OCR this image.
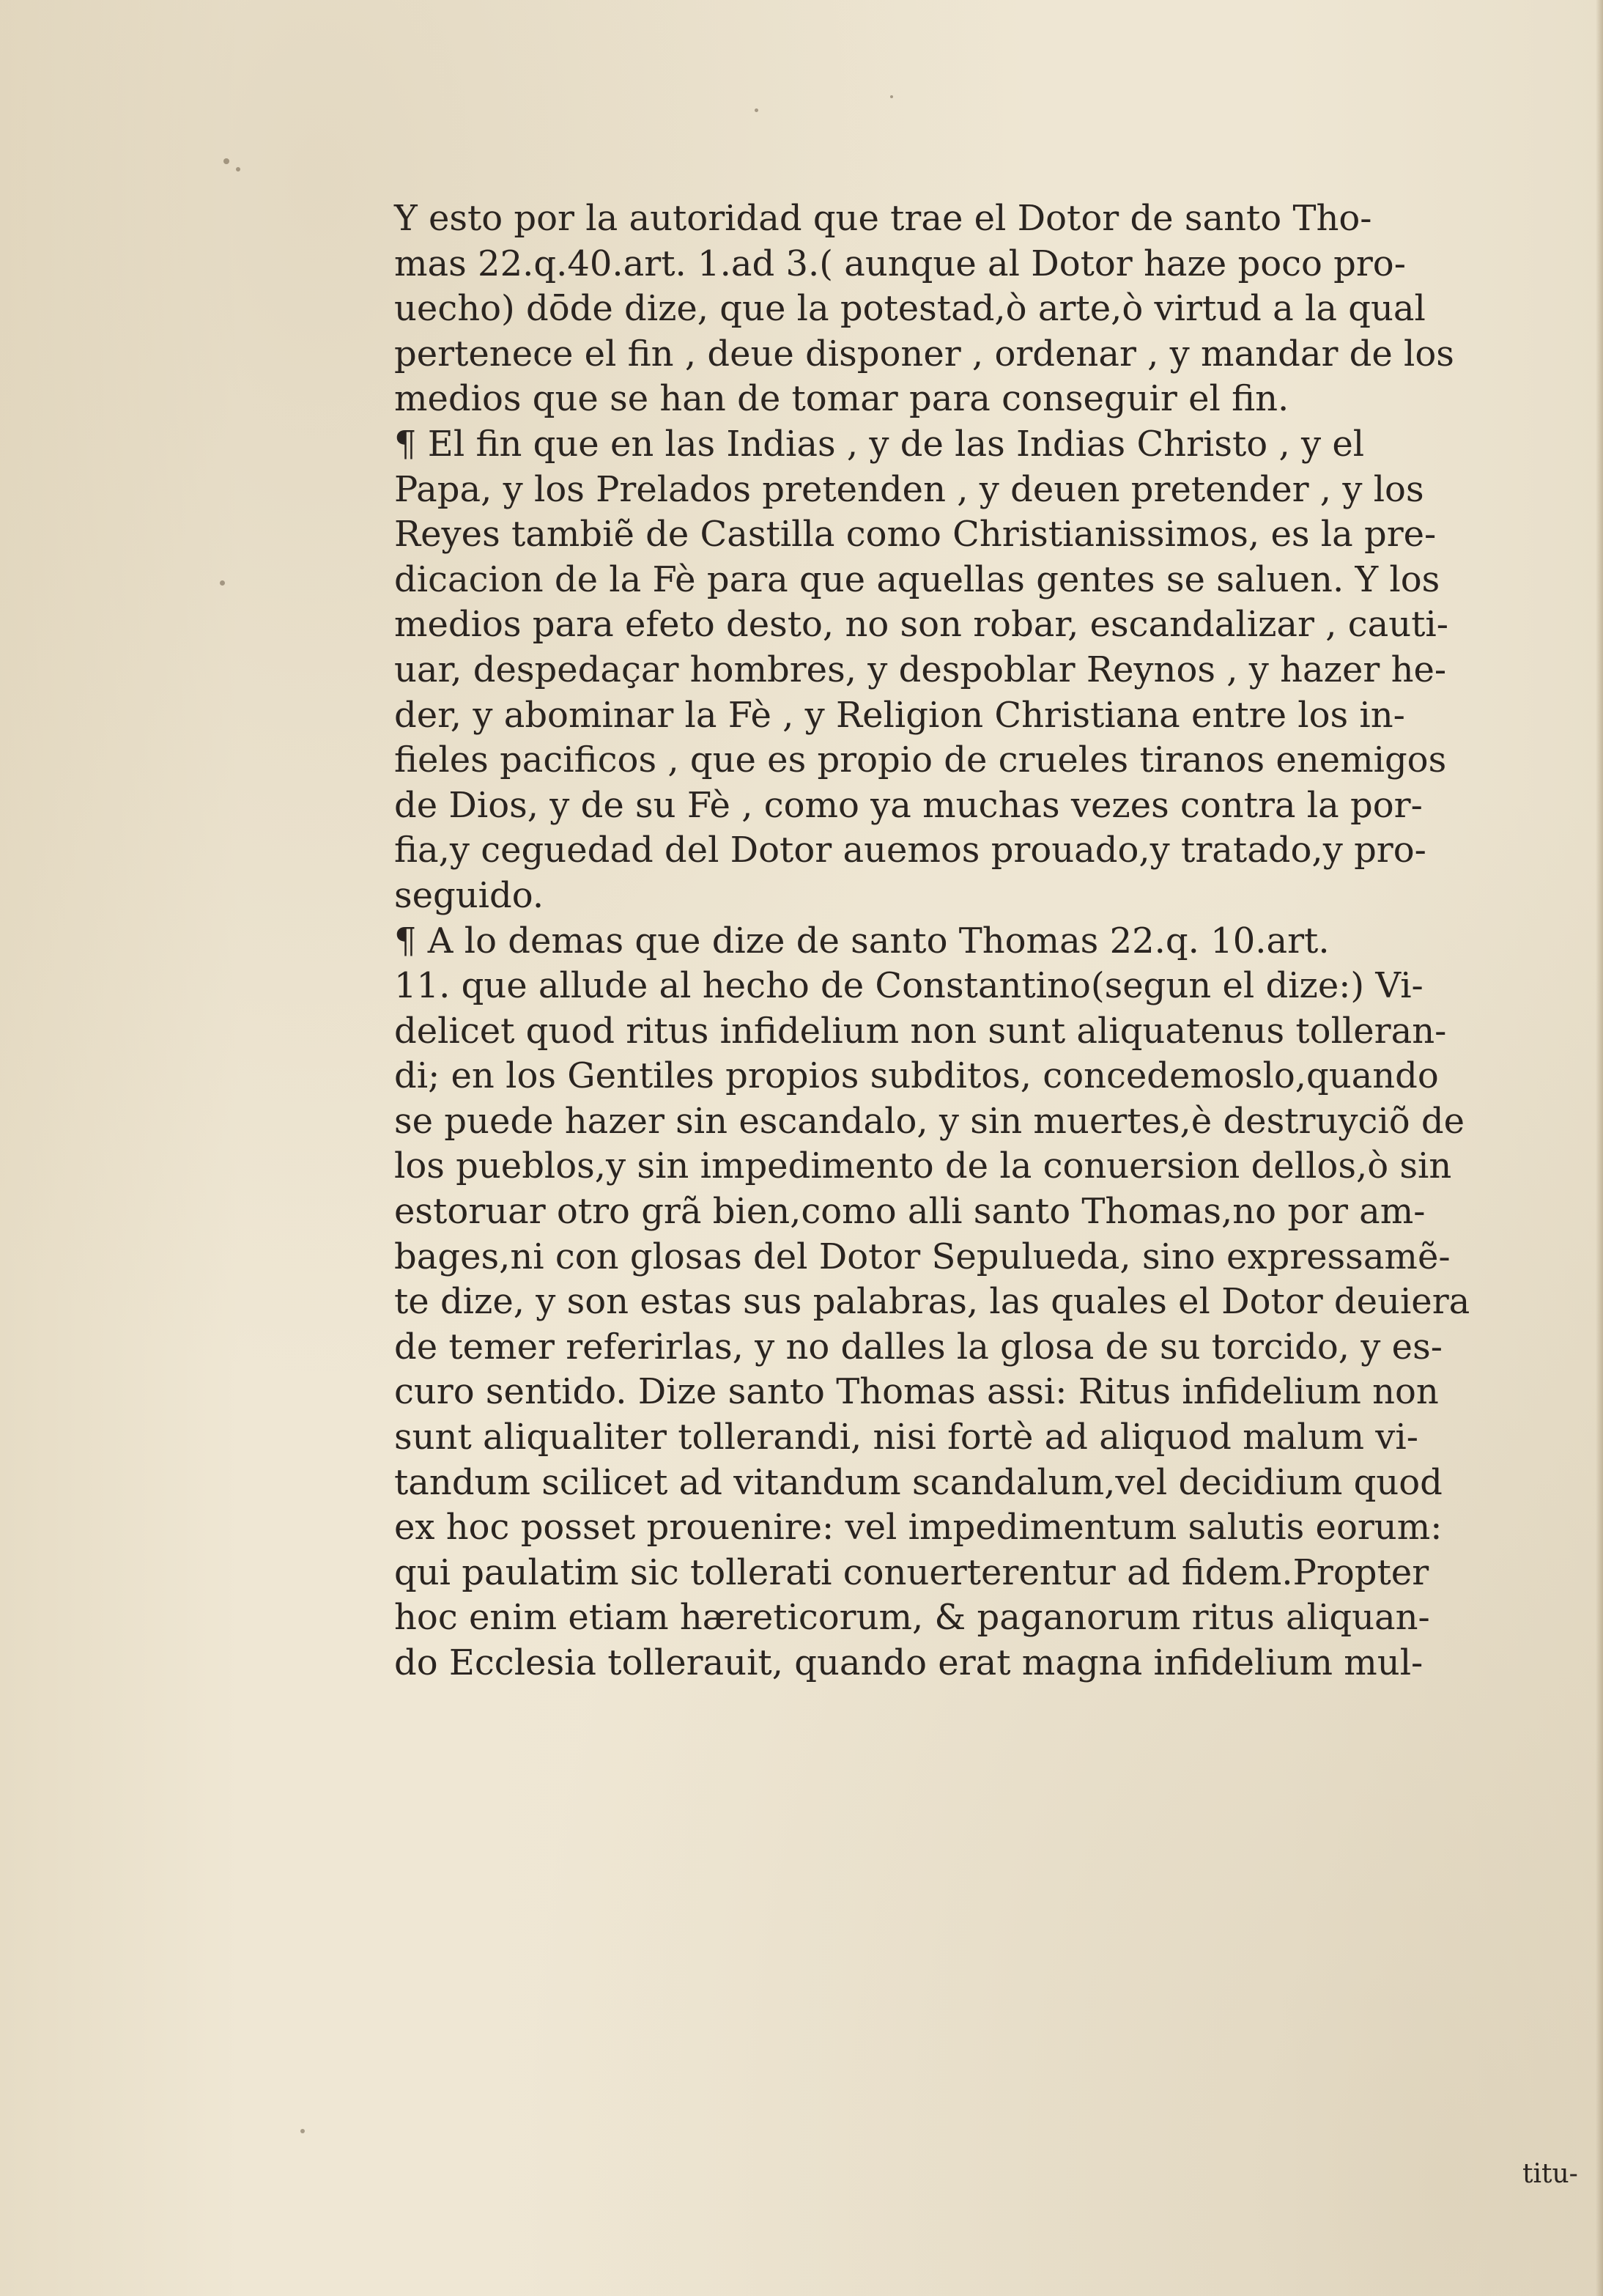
Y esto por la autoridad que trae el Dotor de santo Tho-
mas 22.q.40.art. 1.ad 3.( aunque al Dotor haze poco pro-
uecho) dōde dize, que la potestad,ò arte,ò virtud a la qual
pertenece el fin , deue disponer , ordenar , y mandar de los
medios que se han de tomar para conseguir el fin.
¶ El fin que en las Indias , y de las Indias Christo , y el
Papa, y los Prelados pretenden , y deuen pretender , y los
Reyes tambiẽ de Castilla como Christianissimos, es la pre-
dicacion de la Fè para que aquellas gentes se saluen. Y los
medios para efeto desto, no son robar, escandalizar , cauti-
uar, despedaçar hombres, y despoblar Reynos , y hazer he-
der, y abominar la Fè , y Religion Christiana entre los in-
fieles pacificos , que es propio de crueles tiranos enemigos
de Dios, y de su Fè , como ya muchas vezes contra la por-
fia,y ceguedad del Dotor auemos prouado,y tratado,y pro-
seguido.
¶ A lo demas que dize de santo Thomas 22.q. 10.art.
11. que allude al hecho de Constantino(segun el dize:) Vi-
delicet quod ritus infidelium non sunt aliquatenus tolleran-
di; en los Gentiles propios subditos, concedemoslo,quando
se puede hazer sin escandalo, y sin muertes,è destruyciõ de
los pueblos,y sin impedimento de la conuersion dellos,ò sin
estoruar otro grã bien,como alli santo Thomas,no por am-
bages,ni con glosas del Dotor Sepulueda, sino expressamẽ-
te dize, y son estas sus palabras, las quales el Dotor deuiera
de temer referirlas, y no dalles la glosa de su torcido, y es-
curo sentido. Dize santo Thomas assi: Ritus infidelium non
sunt aliqualiter tollerandi, nisi fortè ad aliquod malum vi-
tandum scilicet ad vitandum scandalum,vel decidium quod
ex hoc posset prouenire: vel impedimentum salutis eorum:
qui paulatim sic tollerati conuerterentur ad fidem.Propter
hoc enim etiam hæreticorum, & paganorum ritus aliquan-
do Ecclesia tollerauit, quando erat magna infidelium mul-
titu-
